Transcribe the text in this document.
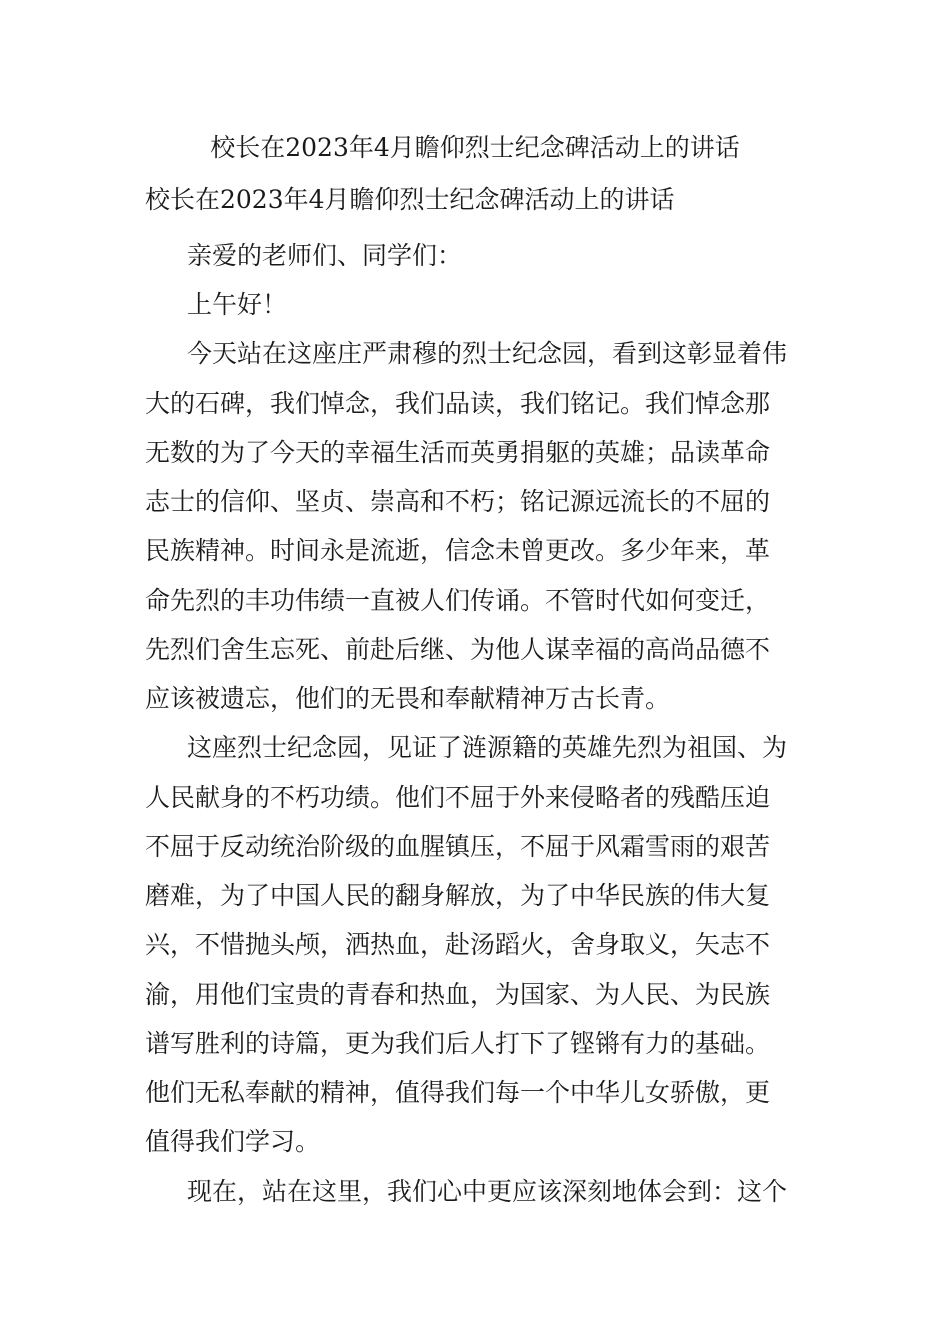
校长在2023年4月瞻仰烈士纪念碑活动上的讲话
校长在2023年4月瞻仰烈士纪念碑活动上的讲话
亲爱的老师们、同学们：
上午好！
今天站在这座庄严肃穆的烈士纪念园，看到这彰显着伟
大的石碑，我们悼念，我们品读，我们铭记。我们悼念那
无数的为了今天的幸福生活而英勇捐躯的英雄；品读革命
志士的信仰、坚贞、崇高和不朽；铭记源远流长的不屈的
民族精神。时间永是流逝，信念未曾更改。多少年来，革
命先烈的丰功伟绩一直被人们传诵。不管时代如何变迁，
先烈们舍生忘死、前赴后继、为他人谋幸福的高尚品德不
应该被遗忘，他们的无畏和奉献精神万古长青。
这座烈士纪念园，见证了涟源籍的英雄先烈为祖国、为
人民献身的不朽功绩。他们不屈于外来侵略者的残酷压迫
不屈于反动统治阶级的血腥镇压，不屈于风霜雪雨的艰苦
磨难，为了中国人民的翻身解放，为了中华民族的伟大复
兴，不惜抛头颅，洒热血，赴汤蹈火，舍身取义，矢志不
渝，用他们宝贵的青春和热血，为国家、为人民、为民族
谱写胜利的诗篇，更为我们后人打下了铿锵有力的基础。
他们无私奉献的精神，值得我们每一个中华儿女骄傲，更
值得我们学习。
现在，站在这里，我们心中更应该深刻地体会到：这个
